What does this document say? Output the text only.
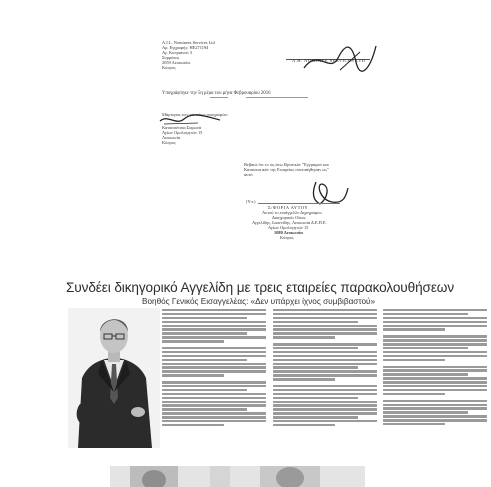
A.I.L. Nominees Services Ltd
Αρ. Εγγραφής: ΗΕ271194
Αγ. Κυπριανού 3
Συρμάτος
2059 Λευκωσία.
Κύπρος
A.H. NOMINEE SERVICES LTD
Υπογράφτηκε την 5η μέρα του μήνα Φεβρουαρίου 2016
Μάρτυρας των πιο πάνω υπογραφών:
Κατασσέτσια Σαμωνά
Αγίων Ομολογητών 15
Λευκωσία
Κύπρος
Βεβαιώ ότι το ώς άνω Ιδρυτικόν "Έγγραφον και
Καταστατικόν της Εταιρείας συνεπάγθησαν ως"
αυτό.
(Υπ.)
Σ/ΦΟΡΙΑ ΑΥΤΟΥ
Αυτού το εισάγγελλο Διχογράφου
Δικηγορικός Οίκος
Αγγελίδης, Ιωαννίδης, Λευκωσία Δ.Ε.Π.Ε.
Αγίων Ομολογητών 15
1080 Λευκωσία
Κύπρος
Συνδέει δικηγορικό Αγγελίδη με τρεις εταιρείες παρακολουθήσεων
Βοηθός Γενικός Εισαγγελέας: «Δεν υπάρχει ίχνος συμβιβαστού»
